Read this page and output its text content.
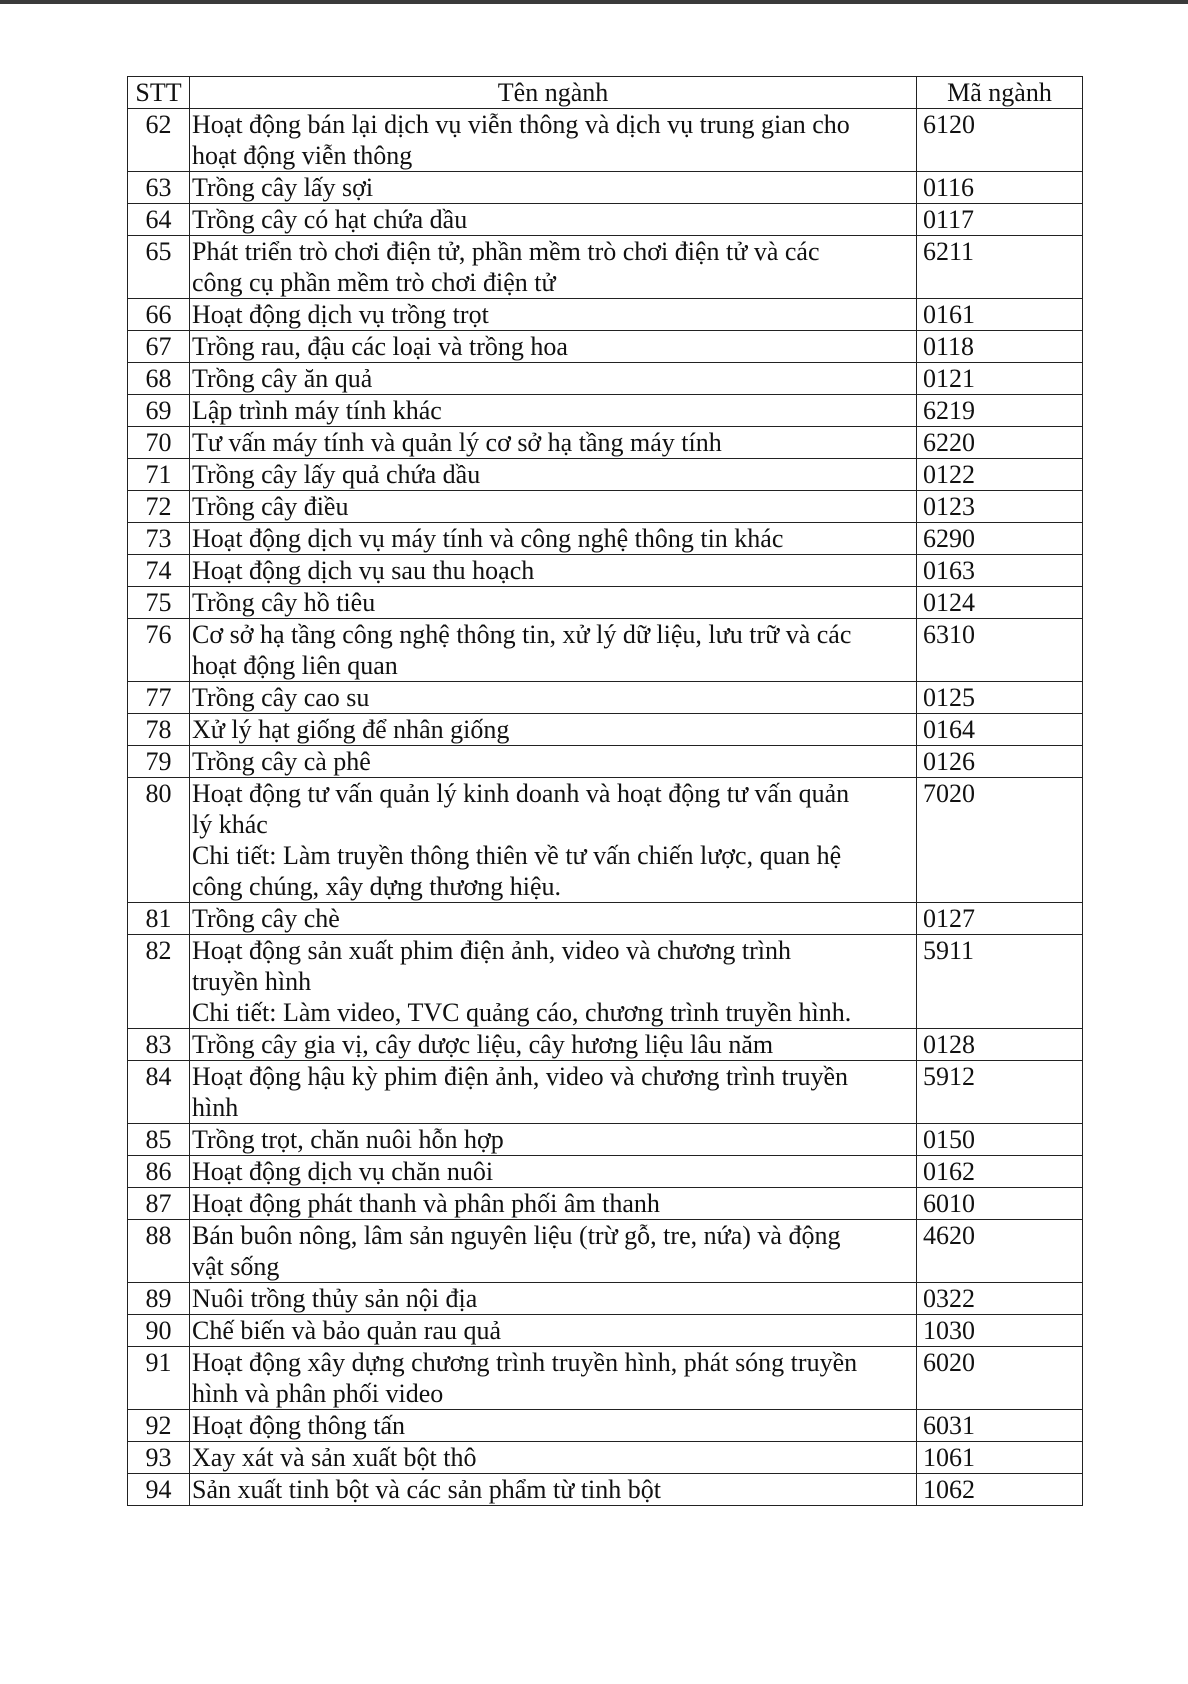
STT	Tên ngành	Mã ngành
62	Hoạt động bán lại dịch vụ viễn thông và dịch vụ trung gian cho
hoạt động viễn thông	6120
63	Trồng cây lấy sợi	0116
64	Trồng cây có hạt chứa dầu	0117
65	Phát triển trò chơi điện tử, phần mềm trò chơi điện tử và các
công cụ phần mềm trò chơi điện tử	6211
66	Hoạt động dịch vụ trồng trọt	0161
67	Trồng rau, đậu các loại và trồng hoa	0118
68	Trồng cây ăn quả	0121
69	Lập trình máy tính khác	6219
70	Tư vấn máy tính và quản lý cơ sở hạ tầng máy tính	6220
71	Trồng cây lấy quả chứa dầu	0122
72	Trồng cây điều	0123
73	Hoạt động dịch vụ máy tính và công nghệ thông tin khác	6290
74	Hoạt động dịch vụ sau thu hoạch	0163
75	Trồng cây hồ tiêu	0124
76	Cơ sở hạ tầng công nghệ thông tin, xử lý dữ liệu, lưu trữ và các
hoạt động liên quan	6310
77	Trồng cây cao su	0125
78	Xử lý hạt giống để nhân giống	0164
79	Trồng cây cà phê	0126
80	Hoạt động tư vấn quản lý kinh doanh và hoạt động tư vấn quản
lý khác
Chi tiết: Làm truyền thông thiên về tư vấn chiến lược, quan hệ
công chúng, xây dựng thương hiệu.	7020
81	Trồng cây chè	0127
82	Hoạt động sản xuất phim điện ảnh, video và chương trình
truyền hình
Chi tiết: Làm video, TVC quảng cáo, chương trình truyền hình.	5911
83	Trồng cây gia vị, cây dược liệu, cây hương liệu lâu năm	0128
84	Hoạt động hậu kỳ phim điện ảnh, video và chương trình truyền
hình	5912
85	Trồng trọt, chăn nuôi hỗn hợp	0150
86	Hoạt động dịch vụ chăn nuôi	0162
87	Hoạt động phát thanh và phân phối âm thanh	6010
88	Bán buôn nông, lâm sản nguyên liệu (trừ gỗ, tre, nứa) và động
vật sống	4620
89	Nuôi trồng thủy sản nội địa	0322
90	Chế biến và bảo quản rau quả	1030
91	Hoạt động xây dựng chương trình truyền hình, phát sóng truyền
hình và phân phối video	6020
92	Hoạt động thông tấn	6031
93	Xay xát và sản xuất bột thô	1061
94	Sản xuất tinh bột và các sản phẩm từ tinh bột	1062
